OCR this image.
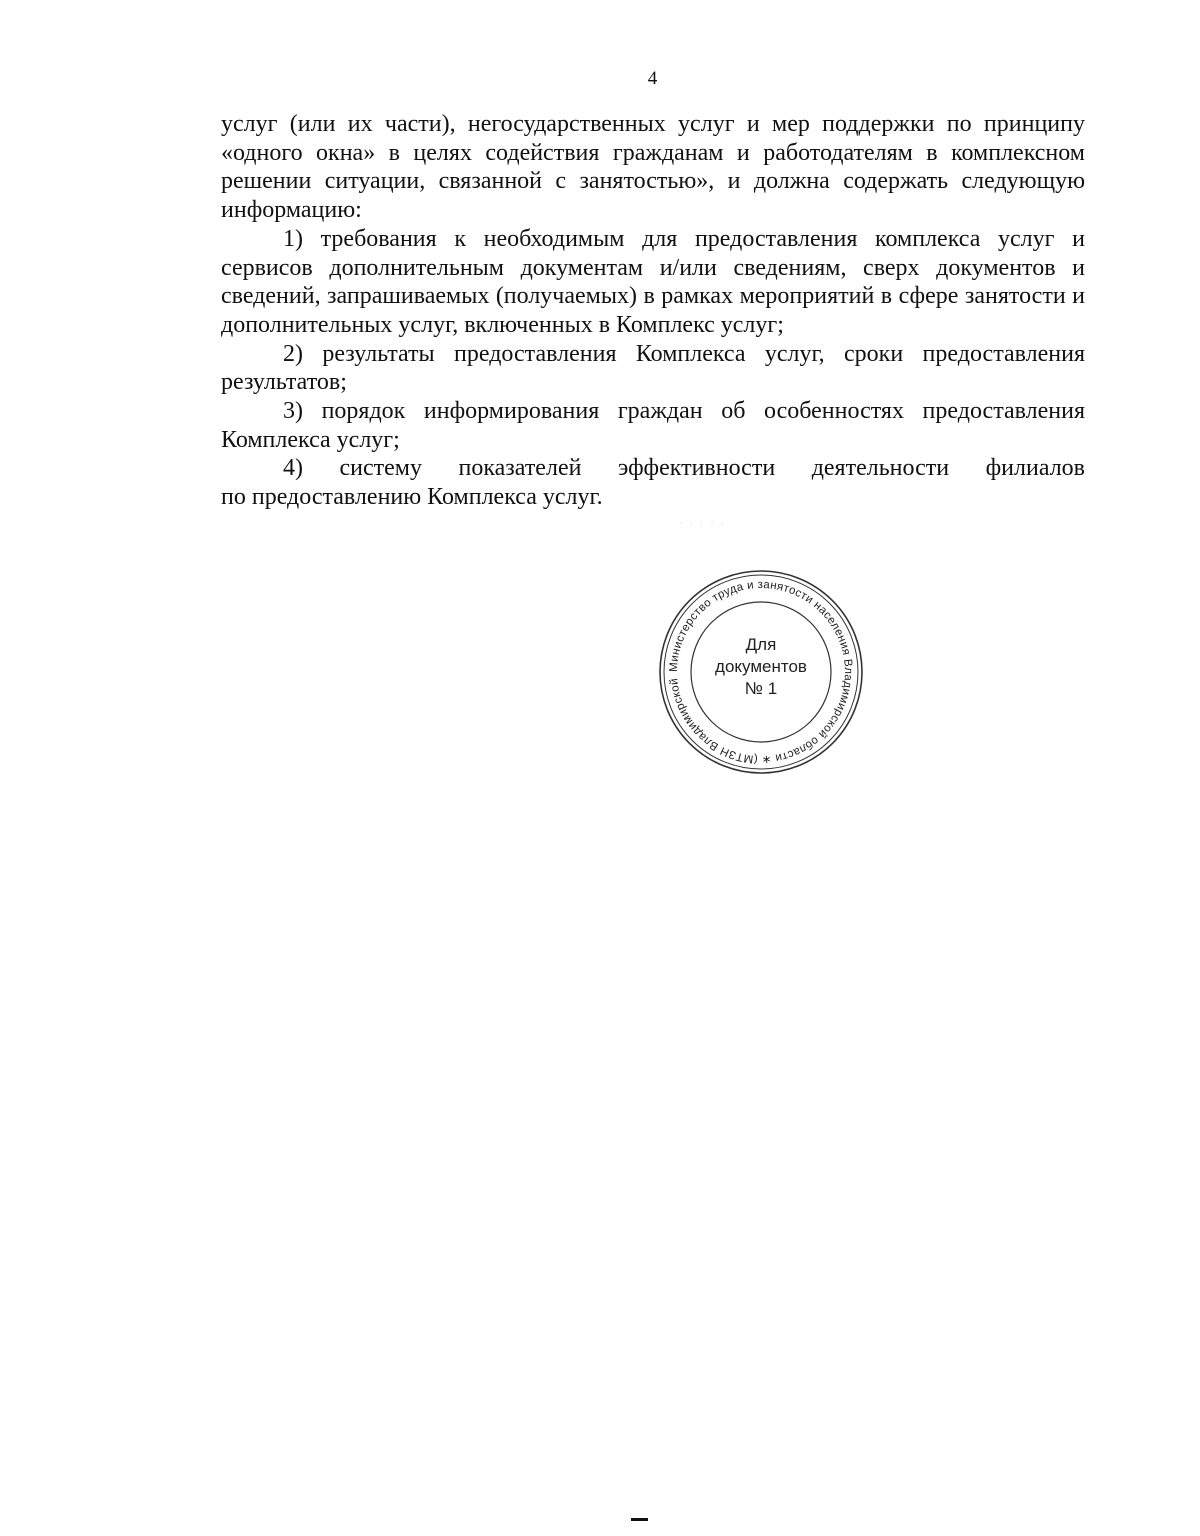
4

услуг (или их части), негосударственных услуг и мер поддержки по принципу «одного окна» в целях содействия гражданам и работодателям в комплексном решении ситуации, связанной с занятостью», и должна содержать следующую информацию:

1) требования к необходимым для предоставления комплекса услуг и сервисов дополнительным документам и/или сведениям, сверх документов и сведений, запрашиваемых (получаемых) в рамках мероприятий в сфере занятости и дополнительных услуг, включенных в Комплекс услуг;

2) результаты предоставления Комплекса услуг, сроки предоставления результатов;

3) порядок информирования граждан об особенностях предоставления Комплекса услуг;

4) систему показателей эффективности деятельности филиалов

по предоставлению Комплекса услуг.

· · · · ·
Министерство труда и занятости населения Владимирской области ∗ (МТЗН Владимирской
Для
документов
№ 1
